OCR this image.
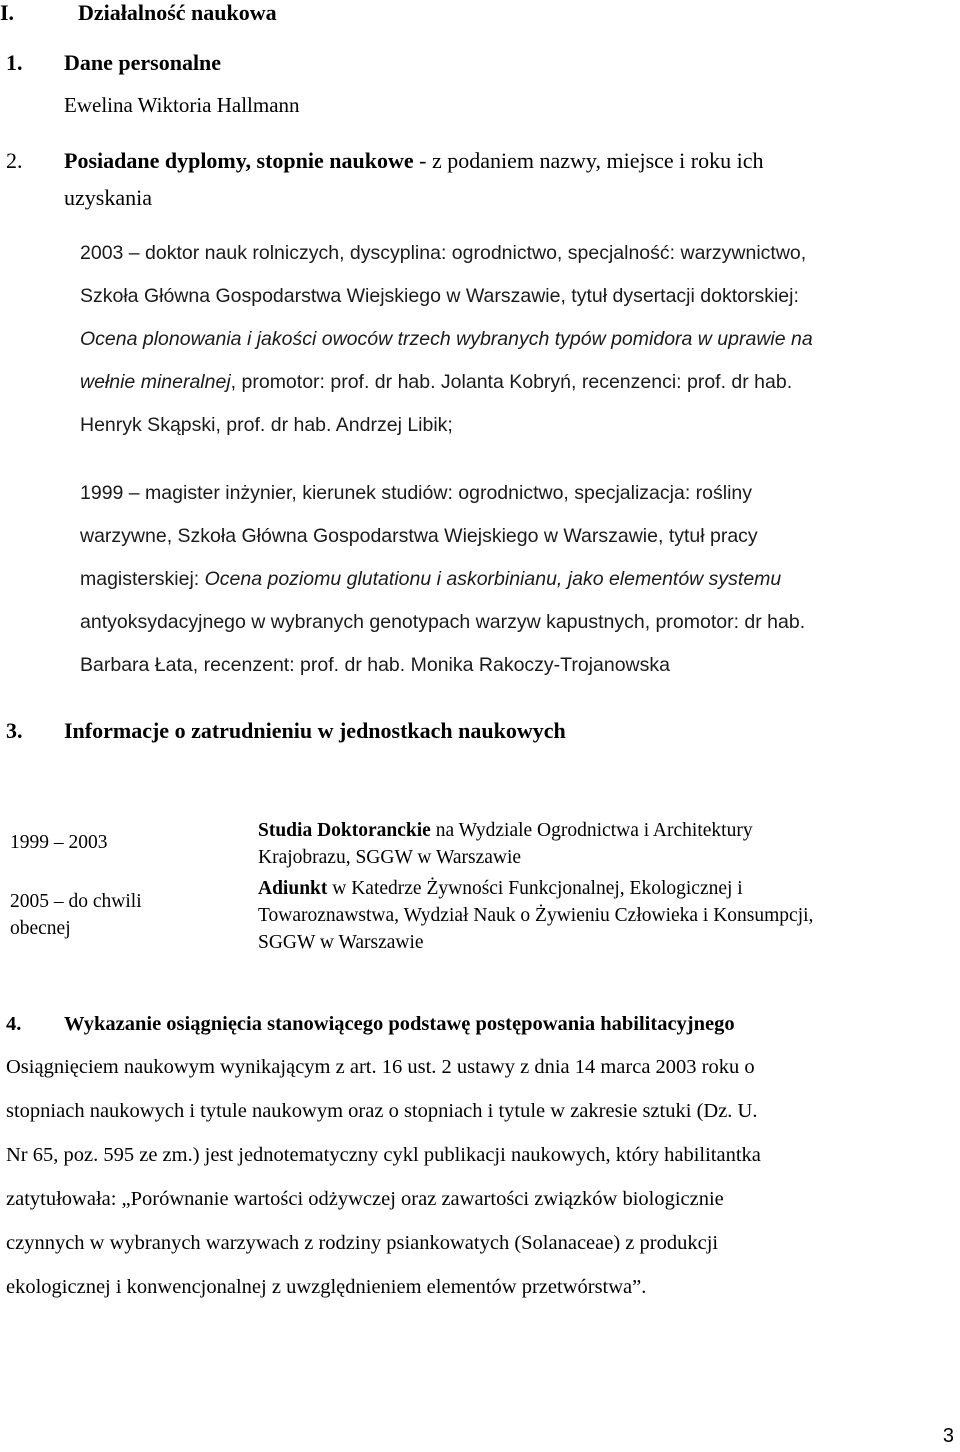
I.	Działalność naukowa
1. Dane personalne
Ewelina Wiktoria Hallmann
2. Posiadane dyplomy, stopnie naukowe - z podaniem nazwy, miejsce i roku ich
uzyskania
2003 – doktor nauk rolniczych, dyscyplina: ogrodnictwo, specjalność: warzywnictwo,
Szkoła Główna Gospodarstwa Wiejskiego w Warszawie, tytuł dysertacji doktorskiej:
Ocena plonowania i jakości owoców trzech wybranych typów pomidora w uprawie na
wełnie mineralnej, promotor: prof. dr hab. Jolanta Kobryń, recenzenci: prof. dr hab.
Henryk Skąpski, prof. dr hab. Andrzej Libik;
1999 – magister inżynier, kierunek studiów: ogrodnictwo, specjalizacja: rośliny
warzywne, Szkoła Główna Gospodarstwa Wiejskiego w Warszawie, tytuł pracy
magisterskiej: Ocena poziomu glutationu i askorbinianu, jako elementów systemu
antyoksydacyjnego w wybranych genotypach warzyw kapustnych, promotor: dr hab.
Barbara Łata, recenzent: prof. dr hab. Monika Rakoczy-Trojanowska
3. Informacje o zatrudnieniu w jednostkach naukowych
1999 – 2003
Studia Doktoranckie na Wydziale Ogrodnictwa i Architektury
Krajobrazu, SGGW w Warszawie
2005 – do chwili
obecnej
Adiunkt w Katedrze Żywności Funkcjonalnej, Ekologicznej i
Towaroznawstwa, Wydział Nauk o Żywieniu Człowieka i Konsumpcji,
SGGW w Warszawie
4. Wykazanie osiągnięcia stanowiącego podstawę postępowania habilitacyjnego
Osiągnięciem naukowym wynikającym z art. 16 ust. 2 ustawy z dnia 14 marca 2003 roku o
stopniach naukowych i tytule naukowym oraz o stopniach i tytule w zakresie sztuki (Dz. U.
Nr 65, poz. 595 ze zm.) jest jednotematyczny cykl publikacji naukowych, który habilitantka
zatytułowała: „Porównanie wartości odżywczej oraz zawartości związków biologicznie
czynnych w wybranych warzywach z rodziny psiankowatych (Solanaceae) z produkcji
ekologicznej i konwencjonalnej z uwzględnieniem elementów przetwórstwa”.
3
